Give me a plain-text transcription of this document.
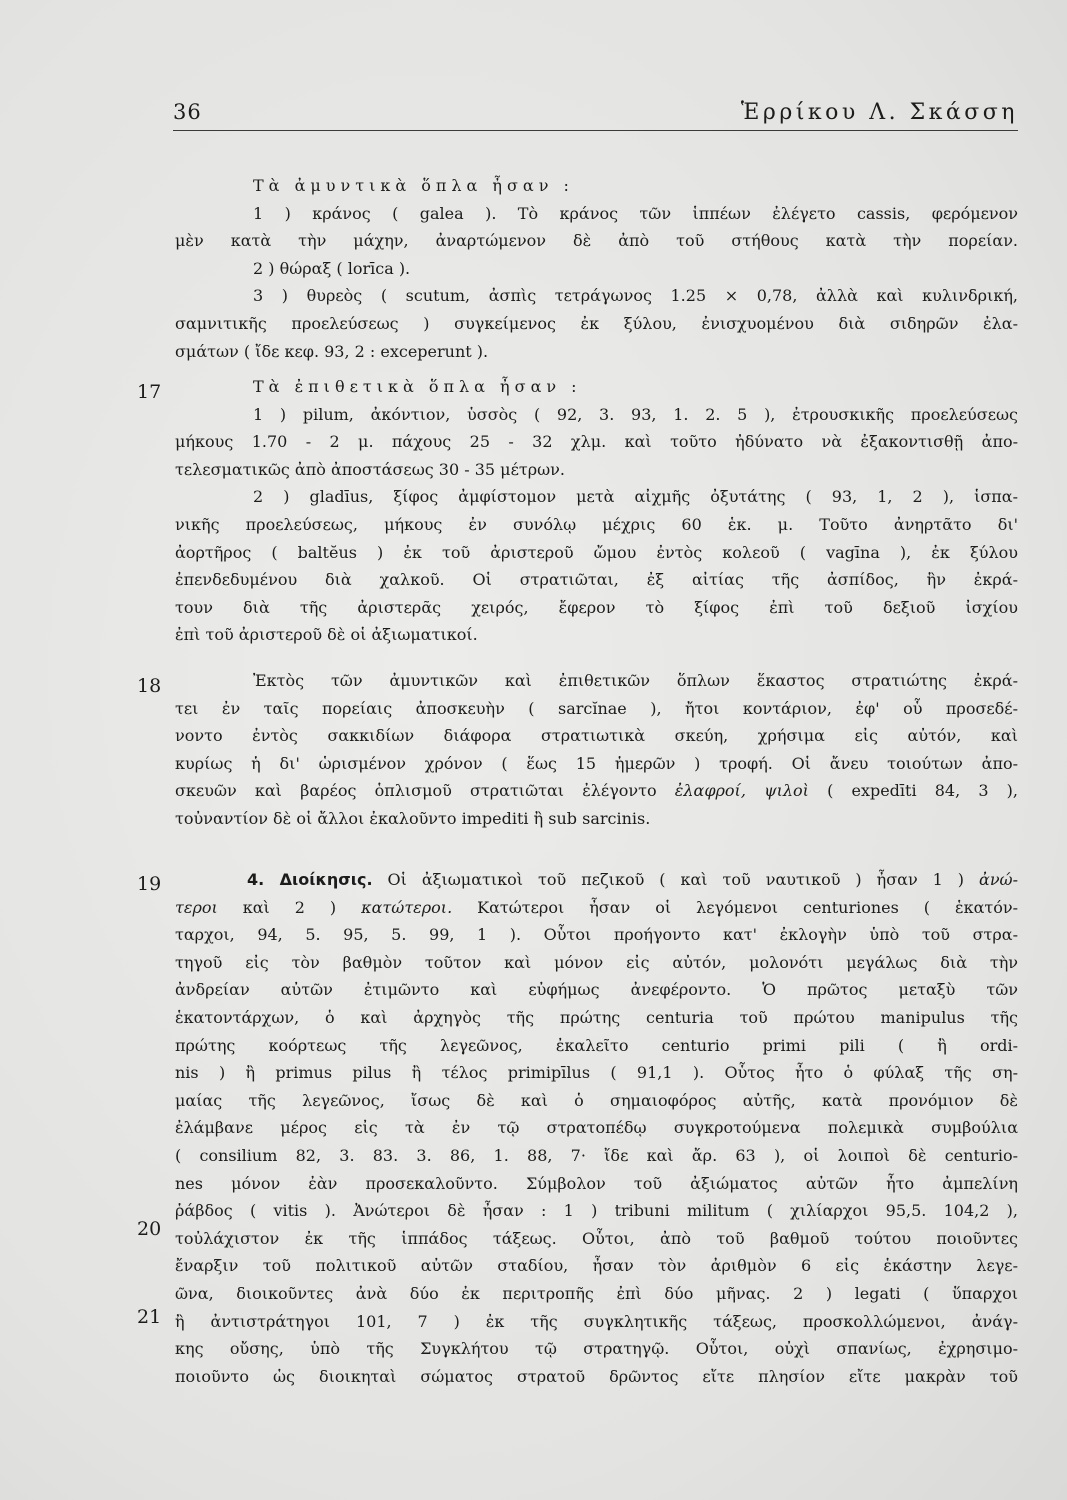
36	Ἑρρίκου Λ. Σκάσση
17
18
19
20
21
Τὰ ἀμυντικὰ ὅπλα ἦσαν :
1 ) κράνος ( galea ). Τὸ κράνος τῶν ἱππέων ἐλέγετο cassis, φερόμενον
μὲν κατὰ τὴν μάχην, ἀναρτώμενον δὲ ἀπὸ τοῦ στήθους κατὰ τὴν πορείαν.
2 ) θώραξ ( lorīca ).
3 ) θυρεὸς ( scutum, ἀσπὶς τετράγωνος 1.25 × 0,78, ἀλλὰ καὶ κυλινδρική,
σαμνιτικῆς προελεύσεως ) συγκείμενος ἐκ ξύλου, ἐνισχυομένου διὰ σιδηρῶν ἐλα-
σμάτων ( ἴδε κεφ. 93, 2 : exceperunt ).
Τὰ ἐπιθετικὰ ὅπλα ἦσαν :
1 ) pilum, ἀκόντιον, ὑσσὸς ( 92, 3. 93, 1. 2. 5 ), ἐτρουσκικῆς προελεύσεως
μήκους 1.70 - 2 μ. πάχους 25 - 32 χλμ. καὶ τοῦτο ἠδύνατο νὰ ἐξακοντισθῇ ἀπο-
τελεσματικῶς ἀπὸ ἀποστάσεως 30 - 35 μέτρων.
2 ) gladīus, ξίφος ἀμφίστομον μετὰ αἰχμῆς ὀξυτάτης ( 93, 1, 2 ), ἱσπα-
νικῆς προελεύσεως, μήκους ἐν συνόλῳ μέχρις 60 ἑκ. μ. Τοῦτο ἀνηρτᾶτο δι'
ἀορτῆρος ( baltĕus ) ἐκ τοῦ ἀριστεροῦ ὤμου ἐντὸς κολεοῦ ( vagīna ), ἐκ ξύλου
ἐπενδεδυμένου διὰ χαλκοῦ. Οἱ στρατιῶται, ἐξ αἰτίας τῆς ἀσπίδος, ἣν ἐκρά-
τουν διὰ τῆς ἀριστερᾶς χειρός, ἔφερον τὸ ξίφος ἐπὶ τοῦ δεξιοῦ ἰσχίου
ἐπὶ τοῦ ἀριστεροῦ δὲ οἱ ἀξιωματικοί.
Ἐκτὸς τῶν ἀμυντικῶν καὶ ἐπιθετικῶν ὅπλων ἕκαστος στρατιώτης ἐκρά-
τει ἐν ταῖς πορείαις ἀποσκευὴν ( sarcĭnae ), ἤτοι κοντάριον, ἐφ' οὗ προσεδέ-
νοντο ἐντὸς σακκιδίων διάφορα στρατιωτικὰ σκεύη, χρήσιμα εἰς αὐτόν, καὶ
κυρίως ἡ δι' ὡρισμένον χρόνον ( ἕως 15 ἡμερῶν ) τροφή. Οἱ ἄνευ τοιούτων ἀπο-
σκευῶν καὶ βαρέος ὁπλισμοῦ στρατιῶται ἐλέγοντο ἐλαφροί, ψιλοὶ ( expedīti 84, 3 ),
τοὐναντίον δὲ οἱ ἄλλοι ἐκαλοῦντο impediti ἢ sub sarcinis.
4. Διοίκησις. Οἱ ἀξιωματικοὶ τοῦ πεζικοῦ ( καὶ τοῦ ναυτικοῦ ) ἦσαν 1 ) ἀνώ-
τεροι καὶ 2 ) κατώτεροι. Κατώτεροι ἦσαν οἱ λεγόμενοι centuriones ( ἑκατόν-
ταρχοι, 94, 5. 95, 5. 99, 1 ). Οὗτοι προήγοντο κατ' ἐκλογὴν ὑπὸ τοῦ στρα-
τηγοῦ εἰς τὸν βαθμὸν τοῦτον καὶ μόνον εἰς αὐτόν, μολονότι μεγάλως διὰ τὴν
ἀνδρείαν αὐτῶν ἐτιμῶντο καὶ εὐφήμως ἀνεφέροντο. Ὁ πρῶτος μεταξὺ τῶν
ἑκατοντάρχων, ὁ καὶ ἀρχηγὸς τῆς πρώτης centuria τοῦ πρώτου manipulus τῆς
πρώτης κοόρτεως τῆς λεγεῶνος, ἐκαλεῖτο centurio primi pili ( ἢ ordi-
nis ) ἢ primus pilus ἢ τέλος primipīlus ( 91,1 ). Οὗτος ἦτο ὁ φύλαξ τῆς ση-
μαίας τῆς λεγεῶνος, ἴσως δὲ καὶ ὁ σημαιοφόρος αὐτῆς, κατὰ προνόμιον δὲ
ἐλάμβανε μέρος εἰς τὰ ἐν τῷ στρατοπέδῳ συγκροτούμενα πολεμικὰ συμβούλια
( consilium 82, 3. 83. 3. 86, 1. 88, 7· ἴδε καὶ ἄρ. 63 ), οἱ λοιποὶ δὲ centurio-
nes μόνον ἐὰν προσεκαλοῦντο. Σύμβολον τοῦ ἀξιώματος αὐτῶν ἦτο ἀμπελίνη
ῥάβδος ( vitis ). Ἀνώτεροι δὲ ἦσαν : 1 ) tribuni militum ( χιλίαρχοι 95,5. 104,2 ),
τοὐλάχιστον ἐκ τῆς ἱππάδος τάξεως. Οὗτοι, ἀπὸ τοῦ βαθμοῦ τούτου ποιοῦντες
ἔναρξιν τοῦ πολιτικοῦ αὐτῶν σταδίου, ἦσαν τὸν ἀριθμὸν 6 εἰς ἑκάστην λεγε-
ῶνα, διοικοῦντες ἀνὰ δύο ἐκ περιτροπῆς ἐπὶ δύο μῆνας. 2 ) legati ( ὕπαρχοι
ἢ ἀντιστράτηγοι 101, 7 ) ἐκ τῆς συγκλητικῆς τάξεως, προσκολλώμενοι, ἀνάγ-
κης οὔσης, ὑπὸ τῆς Συγκλήτου τῷ στρατηγῷ. Οὗτοι, οὐχὶ σπανίως, ἐχρησιμο-
ποιοῦντο ὡς διοικηταὶ σώματος στρατοῦ δρῶντος εἴτε πλησίον εἴτε μακρὰν τοῦ
